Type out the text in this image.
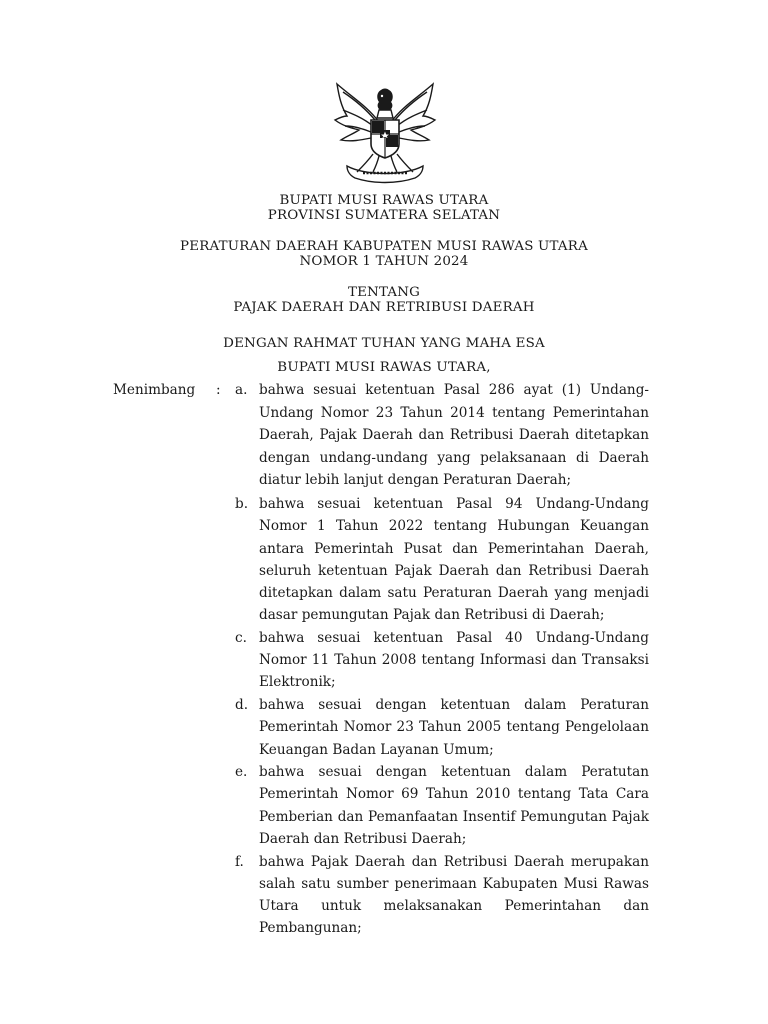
BUPATI MUSI RAWAS UTARA
PROVINSI SUMATERA SELATAN
PERATURAN DAERAH KABUPATEN MUSI RAWAS UTARA
NOMOR 1 TAHUN 2024
TENTANG
PAJAK DAERAH DAN RETRIBUSI DAERAH
DENGAN RAHMAT TUHAN YANG MAHA ESA
BUPATI MUSI RAWAS UTARA,
Menimbang : a. bahwa sesuai ketentuan Pasal 286 ayat (1) Undang-
Undang Nomor 23 Tahun 2014 tentang Pemerintahan
Daerah, Pajak Daerah dan Retribusi Daerah ditetapkan
dengan undang-undang yang pelaksanaan di Daerah
diatur lebih lanjut dengan Peraturan Daerah;
b. bahwa sesuai ketentuan Pasal 94 Undang-Undang
Nomor 1 Tahun 2022 tentang Hubungan Keuangan
antara Pemerintah Pusat dan Pemerintahan Daerah,
seluruh ketentuan Pajak Daerah dan Retribusi Daerah
ditetapkan dalam satu Peraturan Daerah yang menjadi
dasar pemungutan Pajak dan Retribusi di Daerah;
c. bahwa sesuai ketentuan Pasal 40 Undang-Undang
Nomor 11 Tahun 2008 tentang Informasi dan Transaksi
Elektronik;
d. bahwa sesuai dengan ketentuan dalam Peraturan
Pemerintah Nomor 23 Tahun 2005 tentang Pengelolaan
Keuangan Badan Layanan Umum;
e. bahwa sesuai dengan ketentuan dalam Peratutan
Pemerintah Nomor 69 Tahun 2010 tentang Tata Cara
Pemberian dan Pemanfaatan Insentif Pemungutan Pajak
Daerah dan Retribusi Daerah;
f. bahwa Pajak Daerah dan Retribusi Daerah merupakan
salah satu sumber penerimaan Kabupaten Musi Rawas
Utara untuk melaksanakan Pemerintahan dan
Pembangunan;
